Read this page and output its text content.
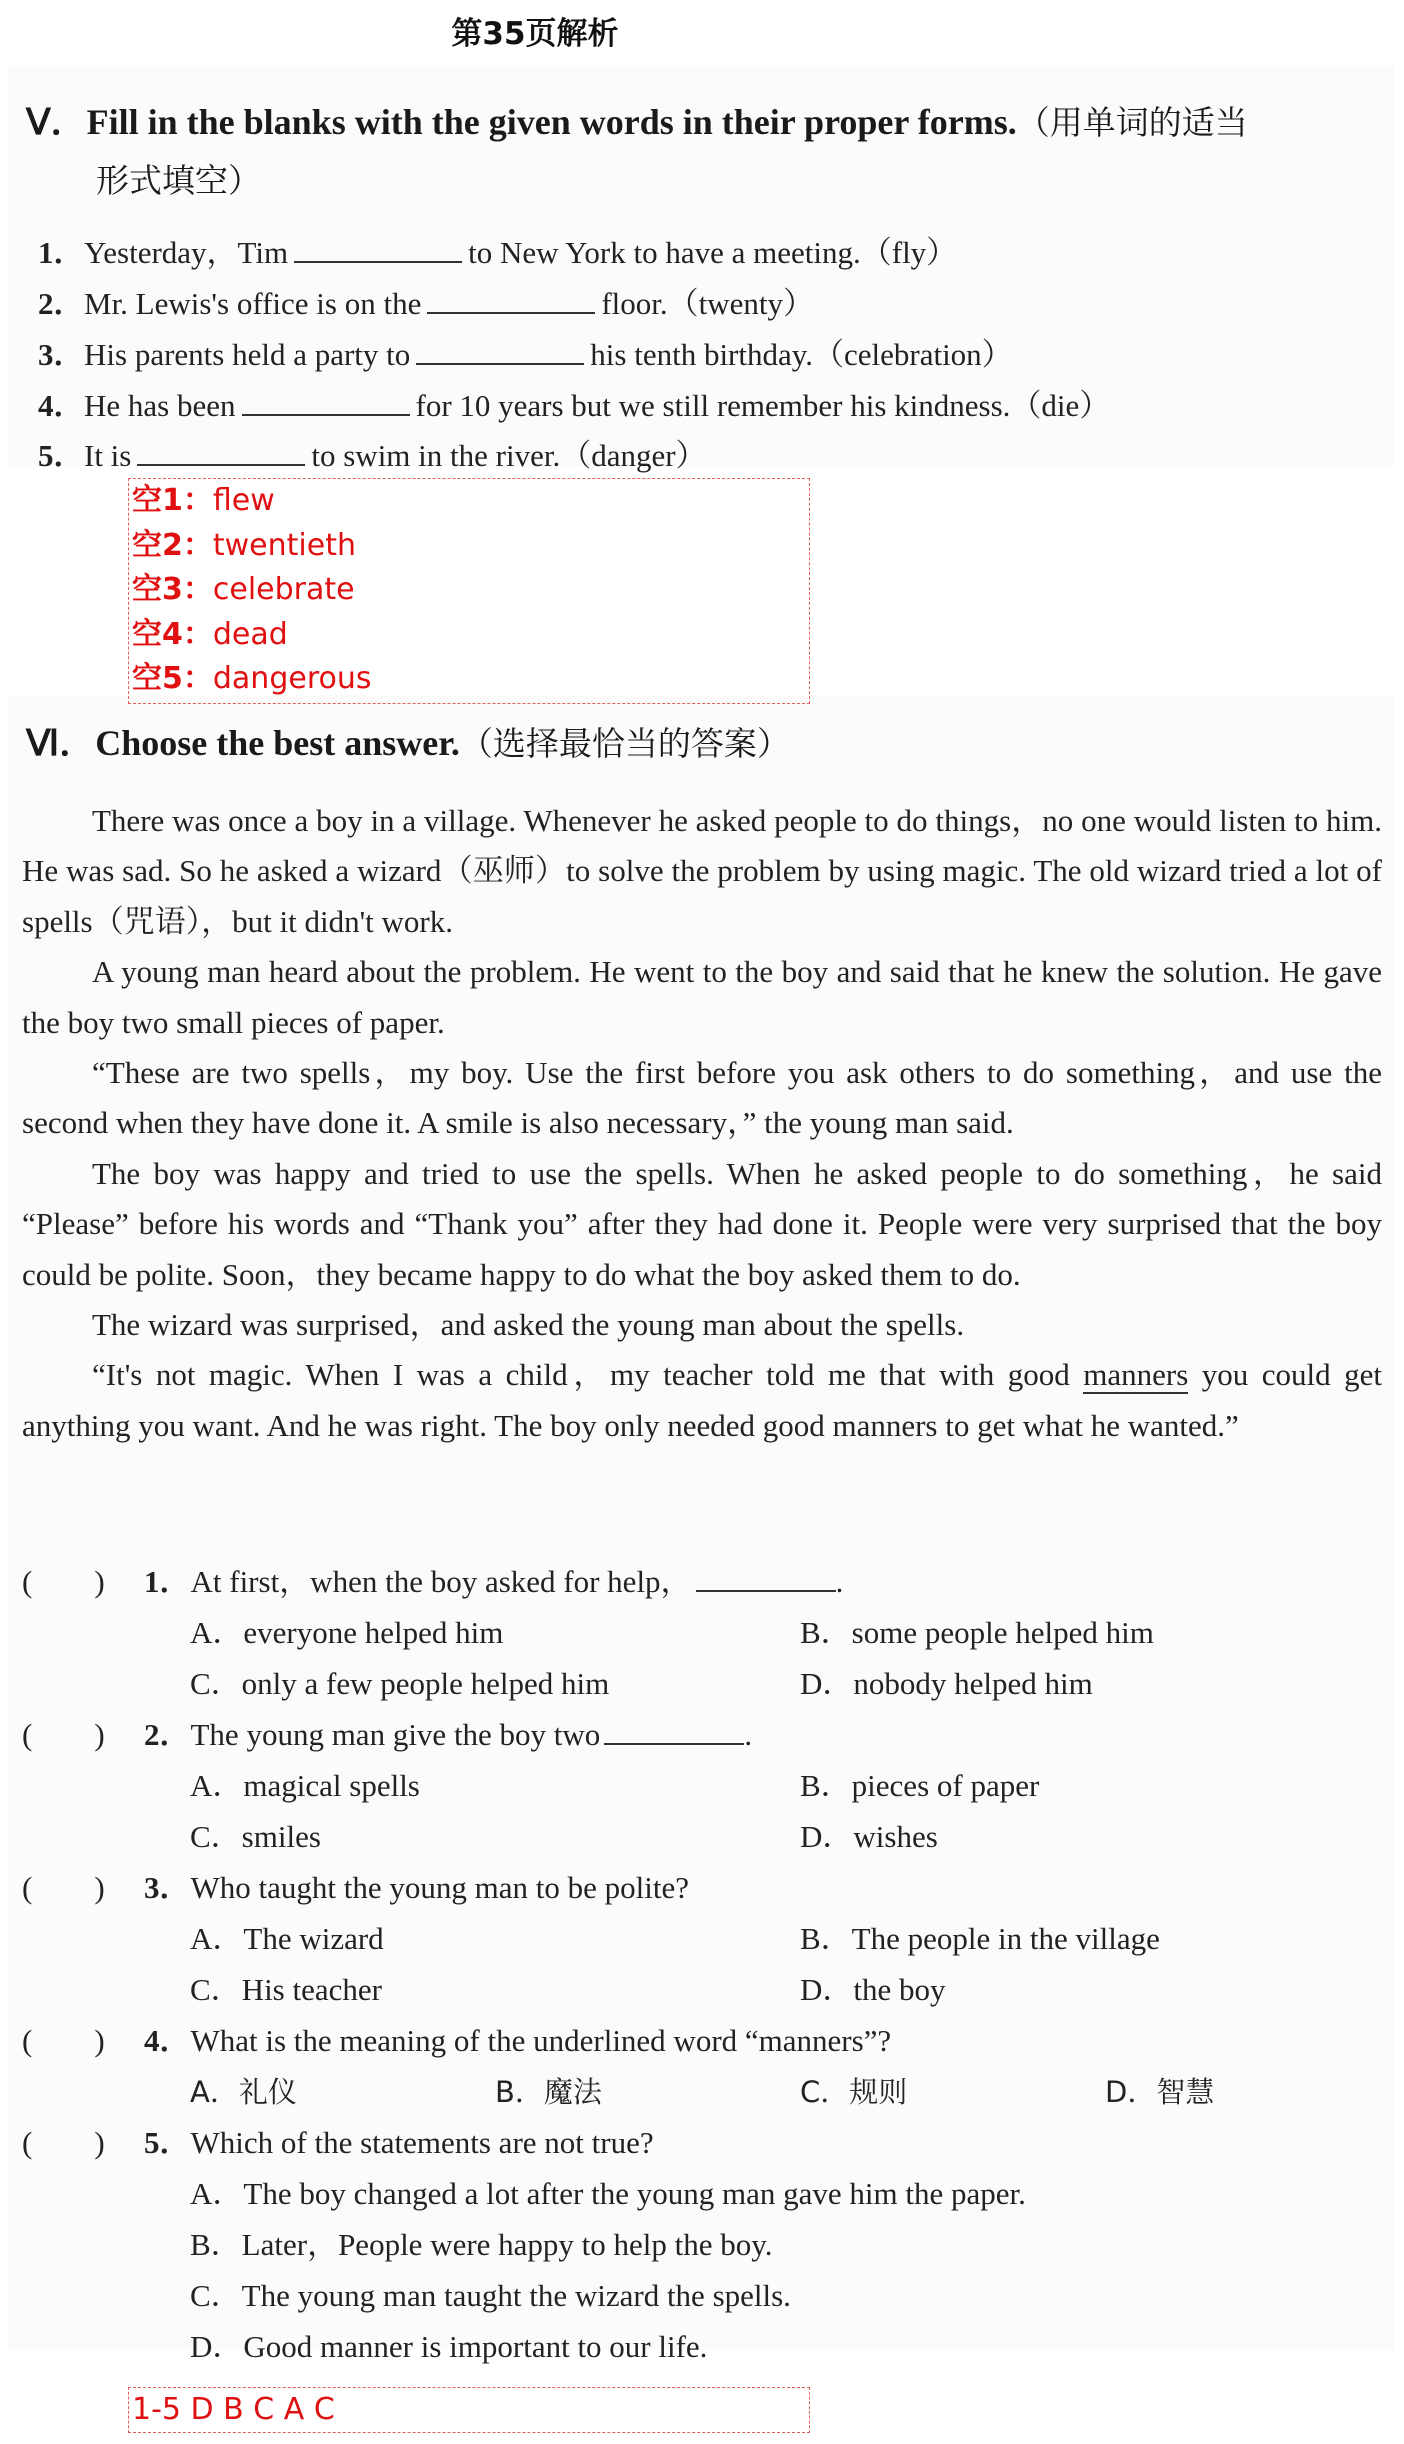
第35页解析
Ⅴ．Fill in the blanks with the given words in their proper forms.（用单词的适当
形式填空）
1．Yesterday，Tim	to New York to have a meeting.（fly）
2．Mr. Lewis's office is on the	floor.（twenty）
3．His parents held a party to	his tenth birthday.（celebration）
4．He has been	for 10 years but we still remember his kindness.（die）
5．It is	to swim in the river.（danger）
空1：flew
空2：twentieth
空3：celebrate
空4：dead
空5：dangerous
Ⅵ．Choose the best answer.（选择最恰当的答案）

There was once a boy in a village. Whenever he asked people to do things，no one would listen to him. He was sad. So he asked a wizard（巫师）to solve the problem by using magic. The old wizard tried a lot of spells（咒语），but it didn't work.

A young man heard about the problem. He went to the boy and said that he knew the solution. He gave the boy two small pieces of paper.

“These are two spells，my boy. Use the first before you ask others to do something，and use the second when they have done it. A smile is also necessary，” the young man said.

The boy was happy and tried to use the spells. When he asked people to do something，he said “Please” before his words and “Thank you” after they had done it. People were very surprised that the boy could be polite. Soon，they became happy to do what the boy asked them to do.

The wizard was surprised，and asked the young man about the spells.

“It's not magic. When I was a child，my teacher told me that with good manners you could get anything you want. And he was right. The boy only needed good manners to get what he wanted.”

(　　) 1．At first，when the boy asked for help，	.
A．everyone helped him	B．some people helped him
C．only a few people helped him	D．nobody helped him
(　　) 2．The young man give the boy two	.
A．magical spells	B．pieces of paper
C．smiles	D．wishes
(　　) 3．Who taught the young man to be polite?
A．The wizard	B．The people in the village
C．His teacher	D．the boy
(　　) 4．What is the meaning of the underlined word “manners”?
A．礼仪	B．魔法	C．规则	D．智慧
(　　) 5．Which of the statements are not true?
A．The boy changed a lot after the young man gave him the paper.
B．Later，People were happy to help the boy.
C．The young man taught the wizard the spells.
D．Good manner is important to our life.
1-5 D B C A C
